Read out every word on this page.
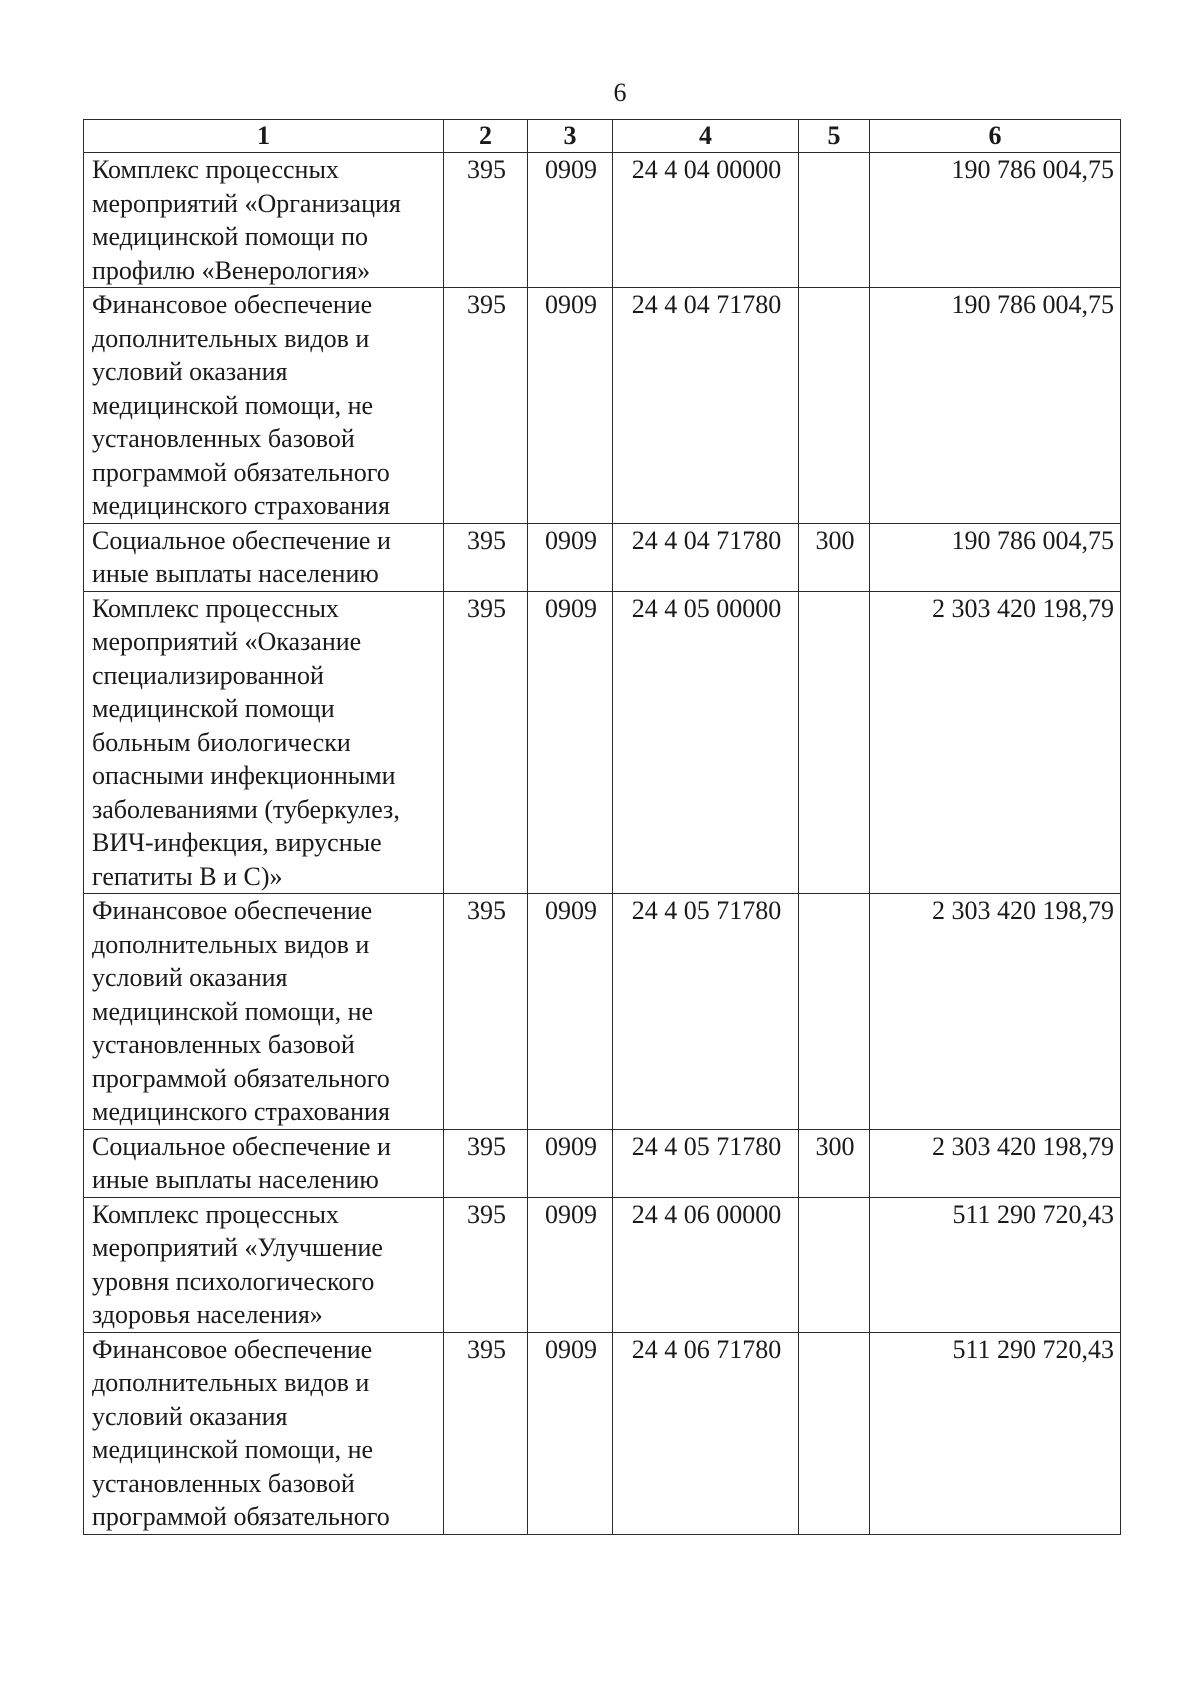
6
1	2	3	4	5	6
Комплекс процессных мероприятий «Организация медицинской помощи по профилю «Венерология»	395	0909	24 4 04 00000		190 786 004,75
Финансовое обеспечение дополнительных видов и условий оказания медицинской помощи, не установленных базовой программой обязательного медицинского страхования	395	0909	24 4 04 71780		190 786 004,75
Социальное обеспечение и иные выплаты населению	395	0909	24 4 04 71780	300	190 786 004,75
Комплекс процессных мероприятий «Оказание специализированной медицинской помощи больным биологически опасными инфекционными заболеваниями (туберкулез, ВИЧ-инфекция, вирусные гепатиты В и С)»	395	0909	24 4 05 00000		2 303 420 198,79
Финансовое обеспечение дополнительных видов и условий оказания медицинской помощи, не установленных базовой программой обязательного медицинского страхования	395	0909	24 4 05 71780		2 303 420 198,79
Социальное обеспечение и иные выплаты населению	395	0909	24 4 05 71780	300	2 303 420 198,79
Комплекс процессных мероприятий «Улучшение уровня психологического здоровья населения»	395	0909	24 4 06 00000		511 290 720,43
Финансовое обеспечение дополнительных видов и условий оказания медицинской помощи, не установленных базовой программой обязательного	395	0909	24 4 06 71780		511 290 720,43
